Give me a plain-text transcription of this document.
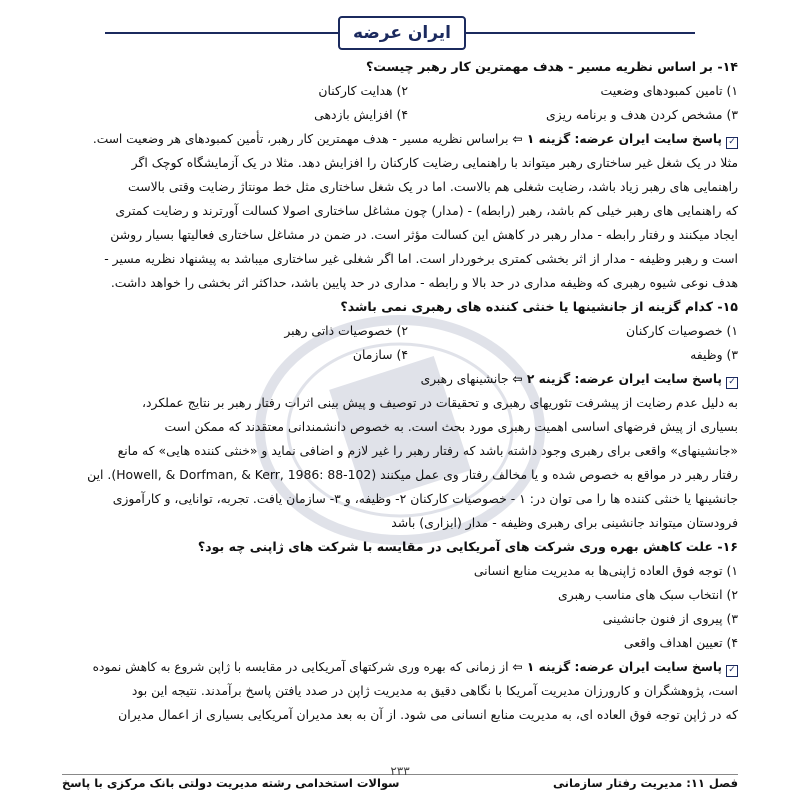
ایران عرضه
۱۴- بر اساس نظریه مسیر - هدف مهمترین کار رهبر چیست؟
۱) تامین کمبودهای وضعیت
۲) هدایت کارکنان
۳) مشخص کردن هدف و برنامه ریزی
۴) افزایش بازدهی
✓پاسخ سایت ایران عرضه: گزینه ۱ ⇦ براساس نظریه مسیر - هدف مهمترین کار رهبر، تأمین کمبودهای هر وضعیت است.
مثلا در یک شغل غیر ساختاری رهبر میتواند با راهنمایی رضایت کارکنان را افزایش دهد. مثلا در یک آزمایشگاه کوچک اگر
راهنمایی های رهبر زیاد باشد، رضایت شغلی هم بالاست. اما در یک شغل ساختاری مثل خط مونتاژ رضایت وقتی بالاست
که راهنمایی های رهبر خیلی کم باشد، رهبر (رابطه) - (مدار) چون مشاغل ساختاری اصولا کسالت آورترند و رضایت کمتری
ایجاد میکنند و رفتار رابطه - مدار رهبر در کاهش این کسالت مؤثر است. در ضمن در مشاغل ساختاری فعالیتها بسیار روشن
است و رهبر وظیفه - مدار از اثر بخشی کمتری برخوردار است. اما اگر شغلی غیر ساختاری میباشد به پیشنهاد نظریه مسیر -
هدف نوعی شیوه رهبری که وظیفه مداری در حد بالا و رابطه - مداری در حد پایین باشد، حداکثر اثر بخشی را خواهد داشت.
۱۵- کدام گزینه از جانشینها یا خنثی کننده های رهبری نمی باشد؟
۱) خصوصیات کارکنان
۲) خصوصیات ذاتی رهبر
۳) وظیفه
۴) سازمان
✓پاسخ سایت ایران عرضه: گزینه ۲ ⇦ جانشینهای رهبری
به دلیل عدم رضایت از پیشرفت تئوریهای رهبری و تحقیقات در توصیف و پیش بینی اثرات رفتار رهبر بر نتایج عملکرد،
بسیاری از پیش فرضهای اساسی اهمیت رهبری مورد بحث است. به خصوص دانشمندانی معتقدند که ممکن است
«جانشینهای» واقعی برای رهبری وجود داشته باشد که رفتار رهبر را غیر لازم و اضافی نماید و «خنثی کننده هایی» که مانع
رفتار رهبر در مواقع به خصوص شده و یا مخالف رفتار وی عمل میکنند (Howell, & Dorfman, & Kerr, 1986: 88-102). این
جانشینها یا خنثی کننده ها را می توان در: ۱ - خصوصیات کارکنان ۲- وظیفه، و ۳- سازمان یافت. تجربه، توانایی، و کارآموزی
فرودستان میتواند جانشینی برای رهبری وظیفه - مدار (ابزاری) باشد
۱۶- علت کاهش بهره وری شرکت های آمریکایی در مقایسه با شرکت های ژاپنی چه بود؟
۱) توجه فوق العاده ژاپنی‌ها به مدیریت منابع انسانی
۲) انتخاب سبک های مناسب رهبری
۳) پیروی از فنون جانشینی
۴) تعیین اهداف واقعی
✓پاسخ سایت ایران عرضه: گزینه ۱ ⇦ از زمانی که بهره وری شرکتهای آمریکایی در مقایسه با ژاپن شروع به کاهش نموده
است، پژوهشگران و کارورزان مدیریت آمریکا با نگاهی دقیق به مدیریت ژاپن در صدد یافتن پاسخ برآمدند. نتیجه این بود
که در ژاپن توجه فوق العاده ای، به مدیریت منابع انسانی می شود. از آن به بعد مدیران آمریکایی بسیاری از اعمال مدیران
۲۳۳
فصل ۱۱: مدیریت رفتار سازمانی
سوالات استخدامی رشته مدیریت دولتی بانک مرکزی با پاسخ
